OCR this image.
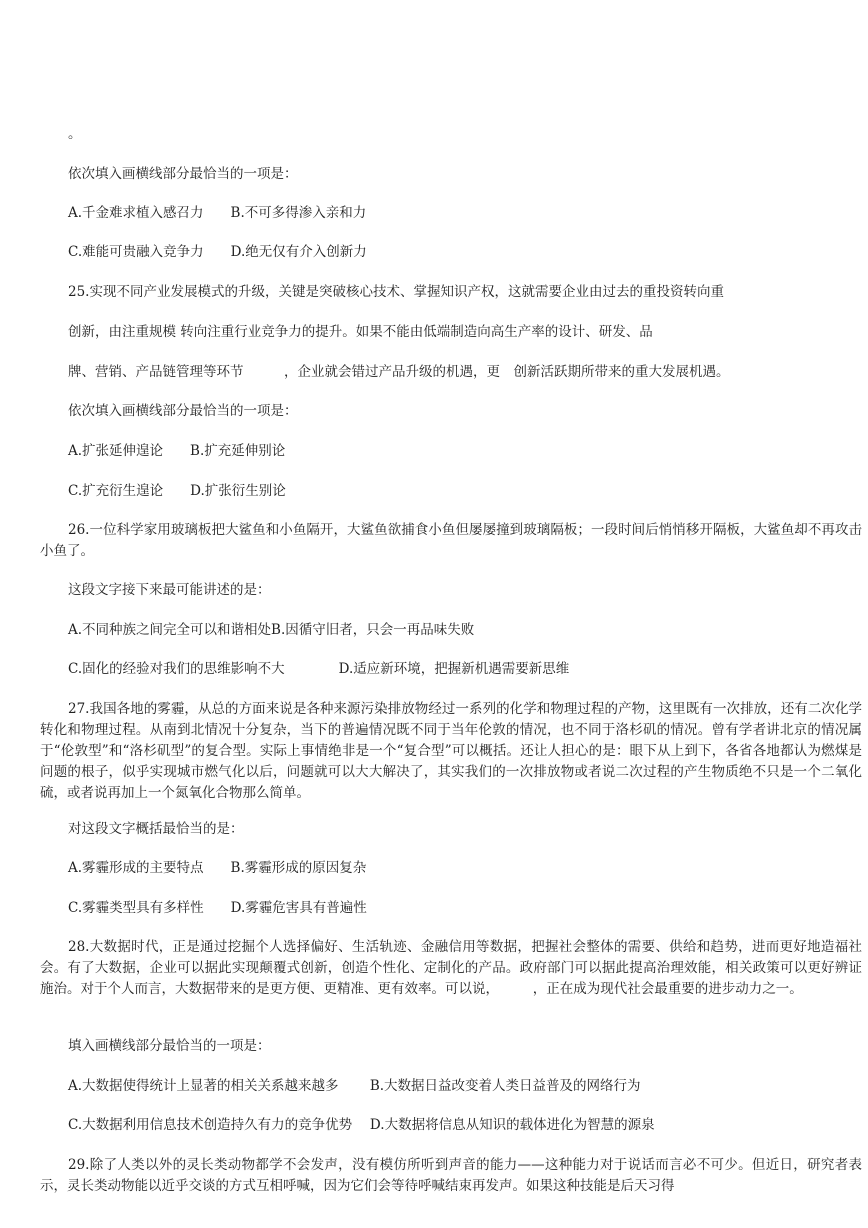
。
依次填入画横线部分最恰当的一项是：
A.千金难求植入感召力　　B.不可多得渗入亲和力
C.难能可贵融入竞争力　　D.绝无仅有介入创新力
25.实现不同产业发展模式的升级，关键是突破核心技术、掌握知识产权，这就需要企业由过去的重投资转向重
创新，由注重规模 转向注重行业竞争力的提升。如果不能由低端制造向高生产率的设计、研发、品
牌、营销、产品链管理等环节　　　，企业就会错过产品升级的机遇，更　创新活跃期所带来的重大发展机遇。
依次填入画横线部分最恰当的一项是：
A.扩张延伸遑论　　B.扩充延伸别论
C.扩充衍生遑论　　D.扩张衍生别论
26.一位科学家用玻璃板把大鲨鱼和小鱼隔开，大鲨鱼欲捕食小鱼但屡屡撞到玻璃隔板；一段时间后悄悄移开隔板，大鲨鱼却不再攻击小鱼了。
这段文字接下来最可能讲述的是：
A.不同种族之间完全可以和谐相处B.因循守旧者，只会一再品味失败
C.固化的经验对我们的思维影响不大　　　　D.适应新环境，把握新机遇需要新思维
27.我国各地的雾霾，从总的方面来说是各种来源污染排放物经过一系列的化学和物理过程的产物，这里既有一次排放，还有二次化学转化和物理过程。从南到北情况十分复杂，当下的普遍情况既不同于当年伦敦的情况，也不同于洛杉矶的情况。曾有学者讲北京的情况属于“伦敦型”和“洛杉矶型”的复合型。实际上事情绝非是一个“复合型”可以概括。还让人担心的是：眼下从上到下，各省各地都认为燃煤是问题的根子，似乎实现城市燃气化以后，问题就可以大大解决了，其实我们的一次排放物或者说二次过程的产生物质绝不只是一个二氧化硫，或者说再加上一个氮氧化合物那么简单。
对这段文字概括最恰当的是：
A.雾霾形成的主要特点　　B.雾霾形成的原因复杂
C.雾霾类型具有多样性　　D.雾霾危害具有普遍性
28.大数据时代，正是通过挖掘个人选择偏好、生活轨迹、金融信用等数据，把握社会整体的需要、供给和趋势，进而更好地造福社会。有了大数据，企业可以据此实现颠覆式创新，创造个性化、定制化的产品。政府部门可以据此提高治理效能，相关政策可以更好辨证施治。对于个人而言，大数据带来的是更方便、更精准、更有效率。可以说，　　　，正在成为现代社会最重要的进步动力之一。
填入画横线部分最恰当的一项是：
A.大数据使得统计上显著的相关关系越来越多　　 B.大数据日益改变着人类日益普及的网络行为
C.大数据利用信息技术创造持久有力的竞争优势　 D.大数据将信息从知识的载体进化为智慧的源泉
29.除了人类以外的灵长类动物都学不会发声，没有模仿所听到声音的能力——这种能力对于说话而言必不可少。但近日，研究者表示，灵长类动物能以近乎交谈的方式互相呼喊，因为它们会等待呼喊结束再发声。如果这种技能是后天习得
